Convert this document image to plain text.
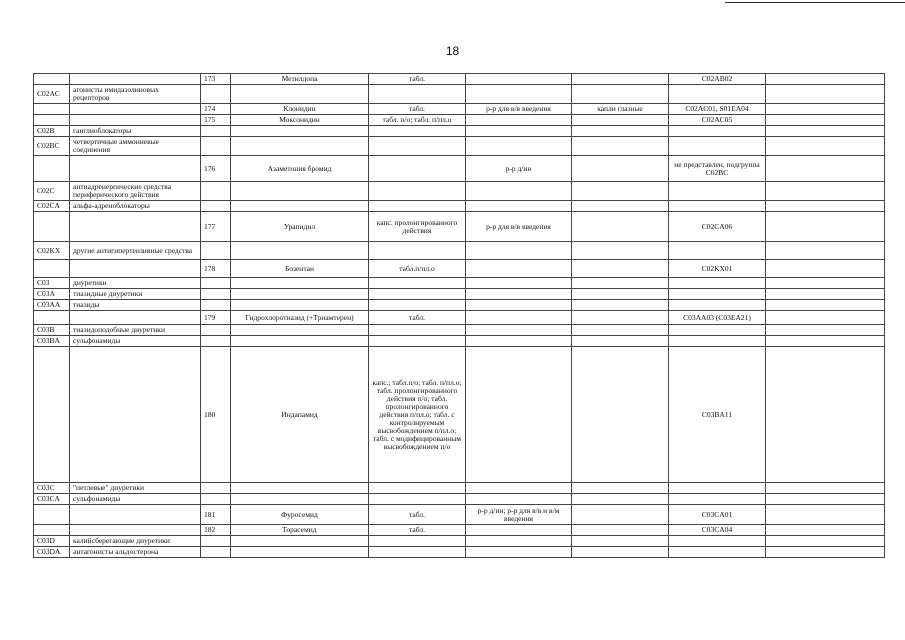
18
		173	Метилдопа	табл.			C02AB02	
C02AC	агонисты имидазолиновых рецепторов							
		174	Клонидин	табл.	р-р для в/в введения	капли глазные	C02AC01, S01EA04	
		175	Моксонидин	табл. п/о; табл. п/пл.о			C02AC05	
C02B	ганглиоблокаторы							
C02BC	четвертичные аммониевые соединения							
		176	Азаметония бромид		р-р д/ин		не представлен, подгруппа C02BC	
C02C	антиадренергические средства периферического действия							
C02CA	альфа-адреноблокаторы							
		177	Урапидил	капс. пролонгированного действия	р-р для в/в введения		C02CA06	
C02KX	другие антигипертензивные средства							
		178	Бозентан	табл.п/пл.о			C02KX01	
C03	диуретики							
C03A	тиазидные диуретики							
C03AA	тиазиды							
		179	Гидрохлоротиазид (+Триамтерен)	табл.			C03AA03 (C03EA21)	
C03B	тиазидоподобные диуретики							
C03BA	сульфонамиды							
		180	Индапамид	капс.; табл.п/о; табл. п/пл.о; табл. пролонгированного действия п/о; табл. пролонгированного действия п/пл.о; табл. с контролируемым высвобождением п/пл.о; табл. с модифицированным высвобождением п/о			C03BA11	
C03C	"петлевые" диуретики							
C03CA	сульфонамиды							
		181	Фуросемид	табл.	р-р д/ин; р-р для в/в и в/м введения		C03CA01	
		182	Торасемид	табл.			C03CA04	
C03D	калийсберегающие диуретики							
C03DA	антагонисты альдостерона							
